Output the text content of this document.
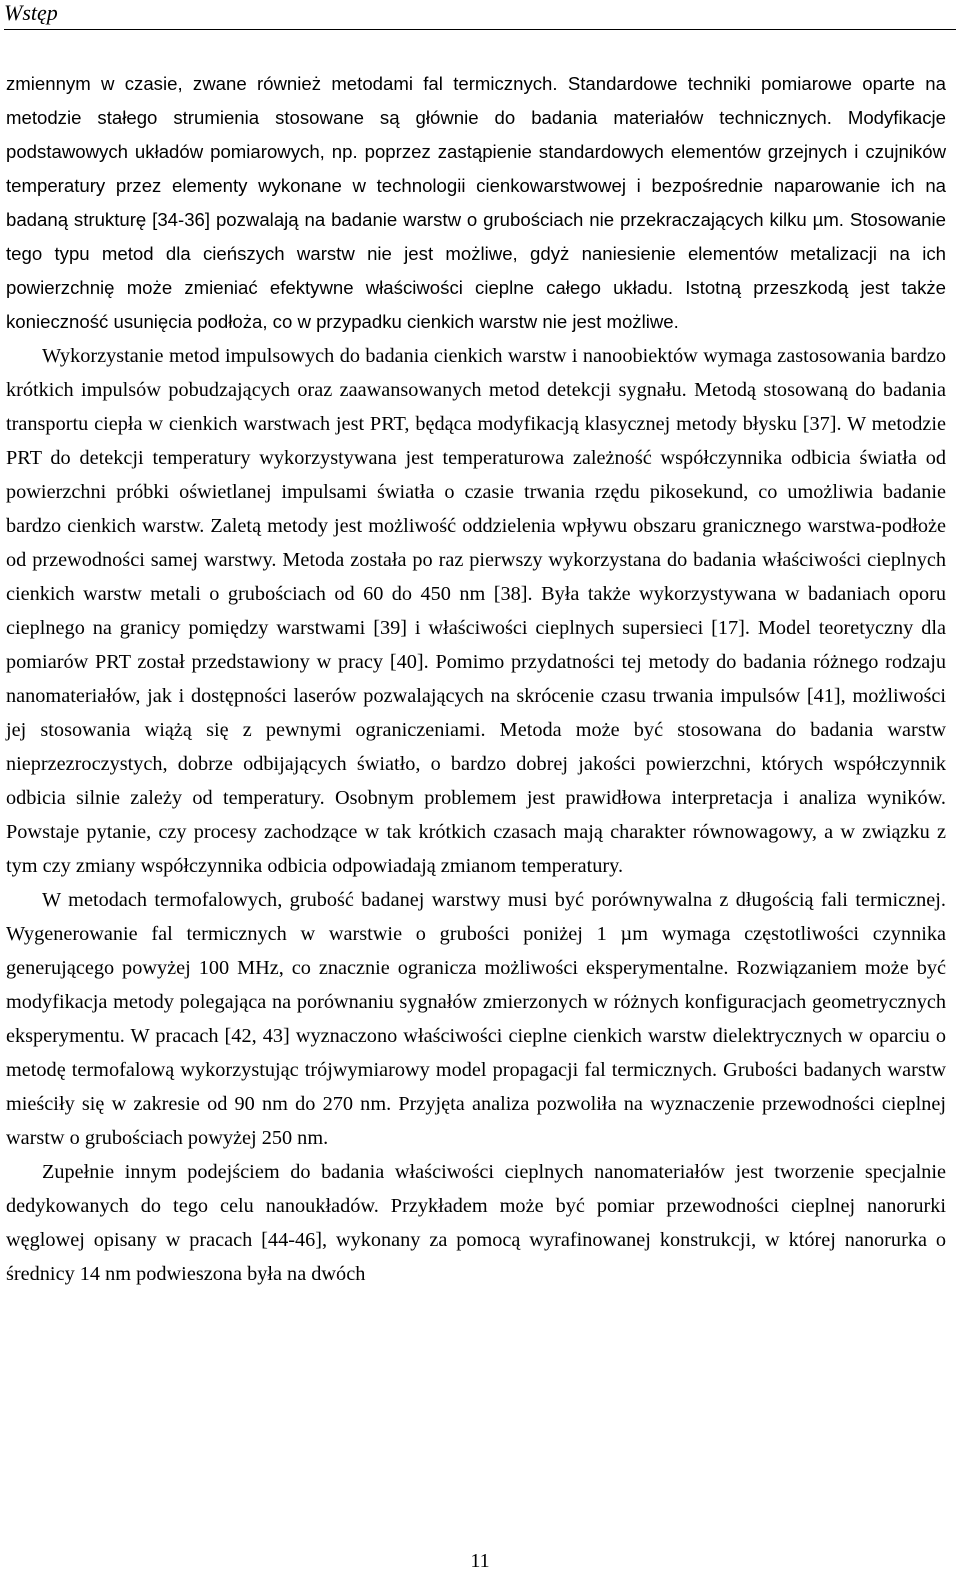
Wstęp

zmiennym w czasie, zwane również metodami fal termicznych. Standardowe techniki pomiarowe oparte na metodzie stałego strumienia stosowane są głównie do badania materiałów technicznych. Modyfikacje podstawowych układów pomiarowych, np. poprzez zastąpienie standardowych elementów grzejnych i czujników temperatury przez elementy wykonane w technologii cienkowarstwowej i bezpośrednie naparowanie ich na badaną strukturę [34-36] pozwalają na badanie warstw o grubościach nie przekraczających kilku µm. Stosowanie tego typu metod dla cieńszych warstw nie jest możliwe, gdyż naniesienie elementów metalizacji na ich powierzchnię może zmieniać efektywne właściwości cieplne całego układu. Istotną przeszkodą jest także konieczność usunięcia podłoża, co w przypadku cienkich warstw nie jest możliwe.

Wykorzystanie metod impulsowych do badania cienkich warstw i nanoobiektów wymaga zastosowania bardzo krótkich impulsów pobudzających oraz zaawansowanych metod detekcji sygnału. Metodą stosowaną do badania transportu ciepła w cienkich warstwach jest PRT, będąca modyfikacją klasycznej metody błysku [37]. W metodzie PRT do detekcji temperatury wykorzystywana jest temperaturowa zależność współczynnika odbicia światła od powierzchni próbki oświetlanej impulsami światła o czasie trwania rzędu pikosekund, co umożliwia badanie bardzo cienkich warstw. Zaletą metody jest możliwość oddzielenia wpływu obszaru granicznego warstwa-podłoże od przewodności samej warstwy. Metoda została po raz pierwszy wykorzystana do badania właściwości cieplnych cienkich warstw metali o grubościach od 60 do 450 nm [38]. Była także wykorzystywana w badaniach oporu cieplnego na granicy pomiędzy warstwami [39] i właściwości cieplnych supersieci [17]. Model teoretyczny dla pomiarów PRT został przedstawiony w pracy [40]. Pomimo przydatności tej metody do badania różnego rodzaju nanomateriałów, jak i dostępności laserów pozwalających na skrócenie czasu trwania impulsów [41], możliwości jej stosowania wiążą się z pewnymi ograniczeniami. Metoda może być stosowana do badania warstw nieprzezroczystych, dobrze odbijających światło, o bardzo dobrej jakości powierzchni, których współczynnik odbicia silnie zależy od temperatury. Osobnym problemem jest prawidłowa interpretacja i analiza wyników. Powstaje pytanie, czy procesy zachodzące w tak krótkich czasach mają charakter równowagowy, a w związku z tym czy zmiany współczynnika odbicia odpowiadają zmianom temperatury.

W metodach termofalowych, grubość badanej warstwy musi być porównywalna z długością fali termicznej. Wygenerowanie fal termicznych w warstwie o grubości poniżej 1 µm wymaga częstotliwości czynnika generującego powyżej 100 MHz, co znacznie ogranicza możliwości eksperymentalne. Rozwiązaniem może być modyfikacja metody polegająca na porównaniu sygnałów zmierzonych w różnych konfiguracjach geometrycznych eksperymentu. W pracach [42, 43] wyznaczono właściwości cieplne cienkich warstw dielektrycznych w oparciu o metodę termofalową wykorzystując trójwymiarowy model propagacji fal termicznych. Grubości badanych warstw mieściły się w zakresie od 90 nm do 270 nm. Przyjęta analiza pozwoliła na wyznaczenie przewodności cieplnej warstw o grubościach powyżej 250 nm.

Zupełnie innym podejściem do badania właściwości cieplnych nanomateriałów jest tworzenie specjalnie dedykowanych do tego celu nanoukładów. Przykładem może być pomiar przewodności cieplnej nanorurki węglowej opisany w pracach [44-46], wykonany za pomocą wyrafinowanej konstrukcji, w której nanorurka o średnicy 14 nm podwieszona była na dwóch

11
